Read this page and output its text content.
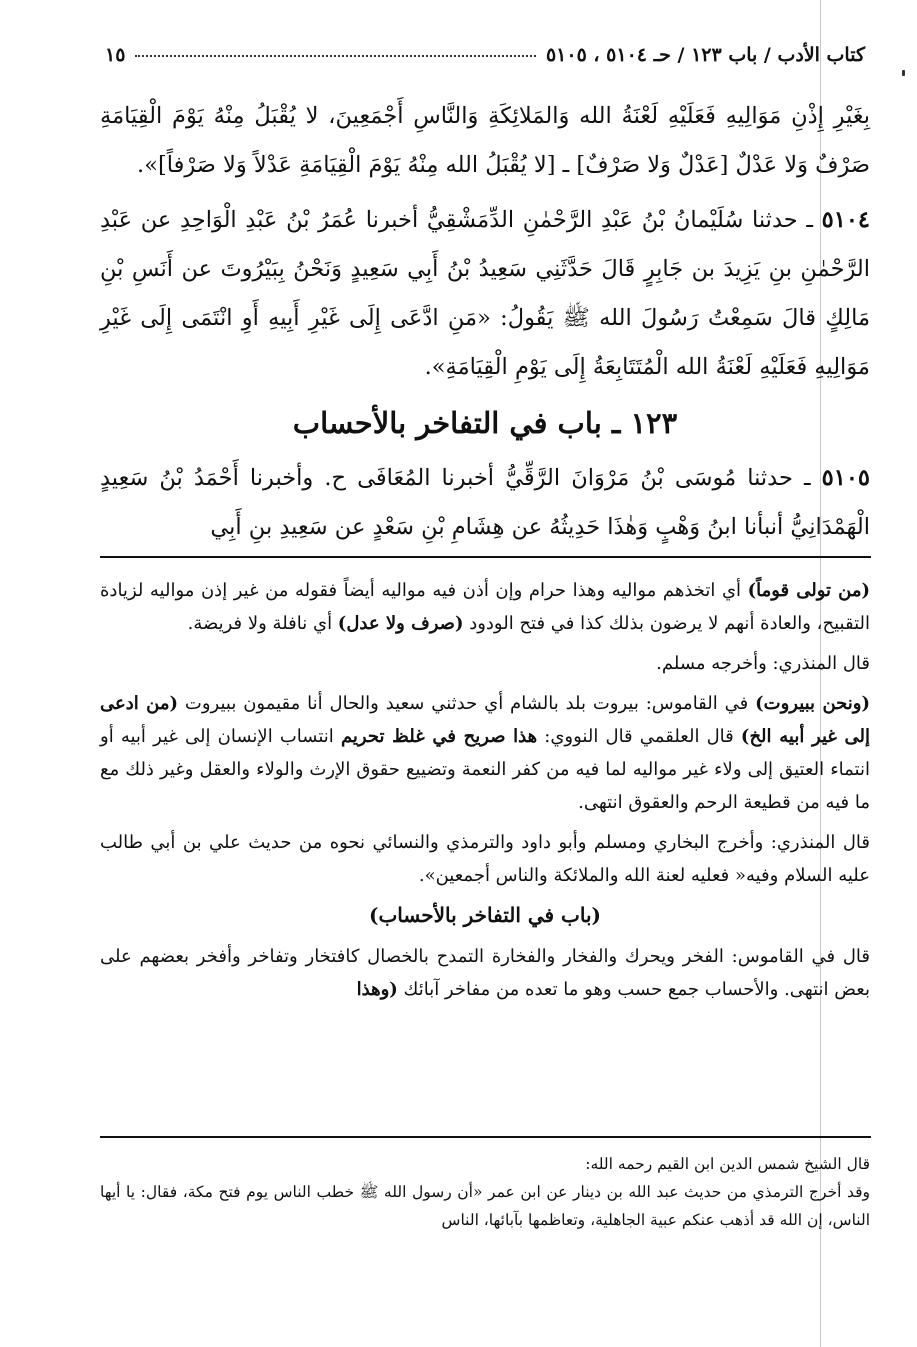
كتاب الأدب / باب ١٢٣ / حـ ٥١٠٤ ، ٥١٠٥
١٥

بِغَيْرِ إِذْنِ مَوَالِيهِ فَعَلَيْهِ لَعْنَةُ الله وَالمَلائِكَةِ وَالنَّاسِ أَجْمَعِينَ، لا يُقْبَلُ مِنْهُ يَوْمَ الْقِيَامَةِ صَرْفٌ وَلا عَدْلٌ [عَدْلٌ وَلا صَرْفٌ] ـ [لا يُقْبَلُ الله مِنْهُ يَوْمَ الْقِيَامَةِ عَدْلاً وَلا صَرْفاً]».

٥١٠٤ ـ حدثنا سُلَيْمانُ بْنُ عَبْدِ الرَّحْمٰنِ الدِّمَشْقِيُّ أخبرنا عُمَرُ بْنُ عَبْدِ الْوَاحِدِ عن عَبْدِ الرَّحْمٰنِ بنِ يَزِيدَ بن جَابِرٍ قَالَ حَدَّثَنِي سَعِيدُ بْنُ أَبِي سَعِيدٍ وَنَحْنُ بِبَيْرُوتَ عن أَنَسِ بْنِ مَالِكٍ قالَ سَمِعْتُ رَسُولَ الله ﷺ يَقُولُ: «مَنِ ادَّعَى إِلَى غَيْرِ أَبِيهِ أَوِ انْتَمَى إِلَى غَيْرِ مَوَالِيهِ فَعَلَيْهِ لَعْنَةُ الله الْمُتَتَابِعَةُ إِلَى يَوْمِ الْقِيَامَةِ».

١٢٣ ـ باب في التفاخر بالأحساب

٥١٠٥ ـ حدثنا مُوسَى بْنُ مَرْوَانَ الرَّقِّيُّ أخبرنا المُعَافَى ح. وأخبرنا أَحْمَدُ بْنُ سَعِيدٍ الْهَمْدَانِيُّ أنبأنا ابنُ وَهْبٍ وَهٰذَا حَدِيثُهُ عن هِشَامِ بْنِ سَعْدٍ عن سَعِيدِ بنِ أَبِي

(من تولى قوماً) أي اتخذهم مواليه وهذا حرام وإن أذن فيه مواليه أيضاً فقوله من غير إذن مواليه لزيادة التقبيح، والعادة أنهم لا يرضون بذلك كذا في فتح الودود (صرف ولا عدل) أي نافلة ولا فريضة.

قال المنذري: وأخرجه مسلم.

(ونحن ببيروت) في القاموس: بيروت بلد بالشام أي حدثني سعيد والحال أنا مقيمون ببيروت (من ادعى إلى غير أبيه الخ) قال العلقمي قال النووي: هذا صريح في غلظ تحريم انتساب الإنسان إلى غير أبيه أو انتماء العتيق إلى ولاء غير مواليه لما فيه من كفر النعمة وتضييع حقوق الإرث والولاء والعقل وغير ذلك مع ما فيه من قطيعة الرحم والعقوق انتهى.

قال المنذري: وأخرج البخاري ومسلم وأبو داود والترمذي والنسائي نحوه من حديث علي بن أبي طالب عليه السلام وفيه« فعليه لعنة الله والملائكة والناس أجمعين».

(باب في التفاخر بالأحساب)

قال في القاموس: الفخر ويحرك والفخار والفخارة التمدح بالخصال كافتخار وتفاخر وأفخر بعضهم على بعض انتهى. والأحساب جمع حسب وهو ما تعده من مفاخر آبائك (وهذا

قال الشيخ شمس الدين ابن القيم رحمه الله:

وقد أخرج الترمذي من حديث عبد الله بن دينار عن ابن عمر «أن رسول الله ﷺ خطب الناس يوم فتح مكة، فقال: يا أيها الناس، إن الله قد أذهب عنكم عبية الجاهلية، وتعاظمها بآبائها، الناس
